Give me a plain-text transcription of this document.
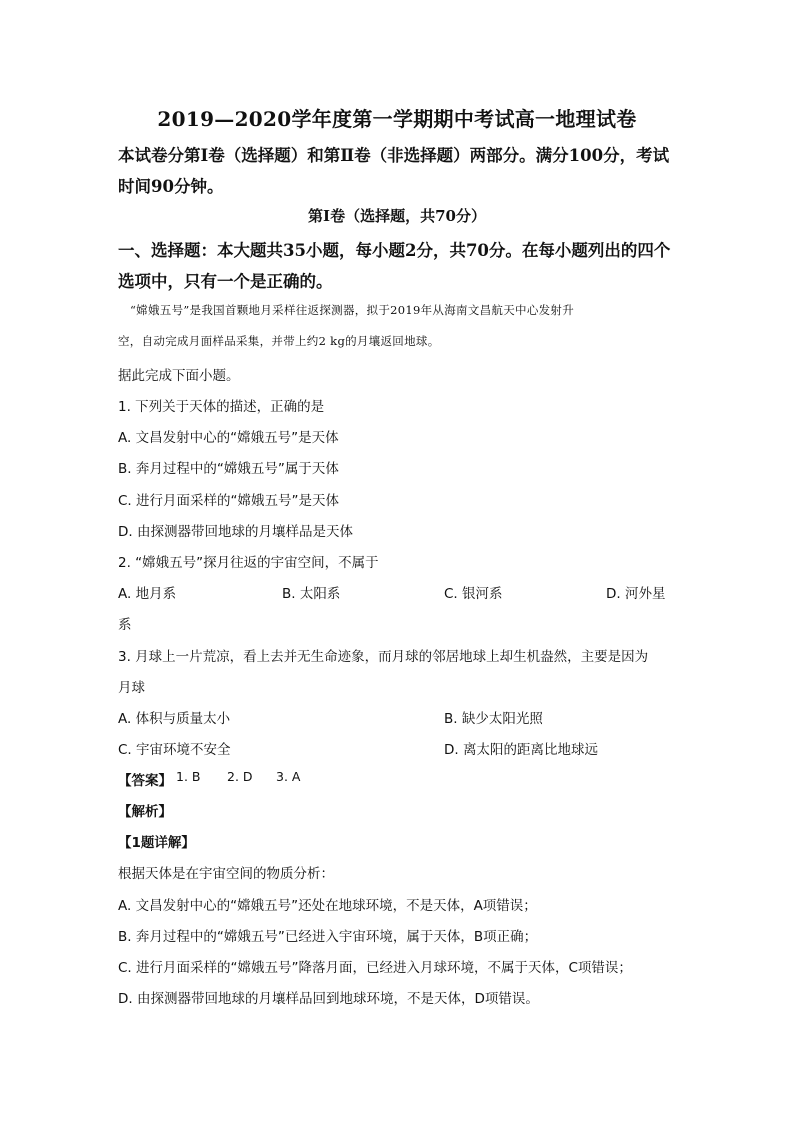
2019—2020学年度第一学期期中考试高一地理试卷
本试卷分第Ⅰ卷（选择题）和第Ⅱ卷（非选择题）两部分。满分100分，考试
时间90分钟。
第Ⅰ卷（选择题，共70分）
一、选择题：本大题共35小题，每小题2分，共70分。在每小题列出的四个
选项中，只有一个是正确的。
“嫦娥五号”是我国首颗地月采样往返探测器，拟于2019年从海南文昌航天中心发射升
空，自动完成月面样品采集，并带上约2 kg的月壤返回地球。
据此完成下面小题。
1. 下列关于天体的描述，正确的是
A. 文昌发射中心的“嫦娥五号”是天体
B. 奔月过程中的“嫦娥五号”属于天体
C. 进行月面采样的“嫦娥五号”是天体
D. 由探测器带回地球的月壤样品是天体
2. “嫦娥五号”探月往返的宇宙空间，不属于
A. 地月系	B. 太阳系	C. 银河系	D. 河外星
系
3. 月球上一片荒凉，看上去并无生命迹象，而月球的邻居地球上却生机盎然，主要是因为
月球
A. 体积与质量太小	B. 缺少太阳光照
C. 宇宙环境不安全	D. 离太阳的距离比地球远
【答案】 1. B 2. D 3. A
【解析】
【1题详解】
根据天体是在宇宙空间的物质分析：
A. 文昌发射中心的“嫦娥五号”还处在地球环境，不是天体，A项错误；
B. 奔月过程中的“嫦娥五号”已经进入宇宙环境，属于天体，B项正确；
C. 进行月面采样的“嫦娥五号”降落月面，已经进入月球环境，不属于天体，C项错误；
D. 由探测器带回地球的月壤样品回到地球环境，不是天体，D项错误。
